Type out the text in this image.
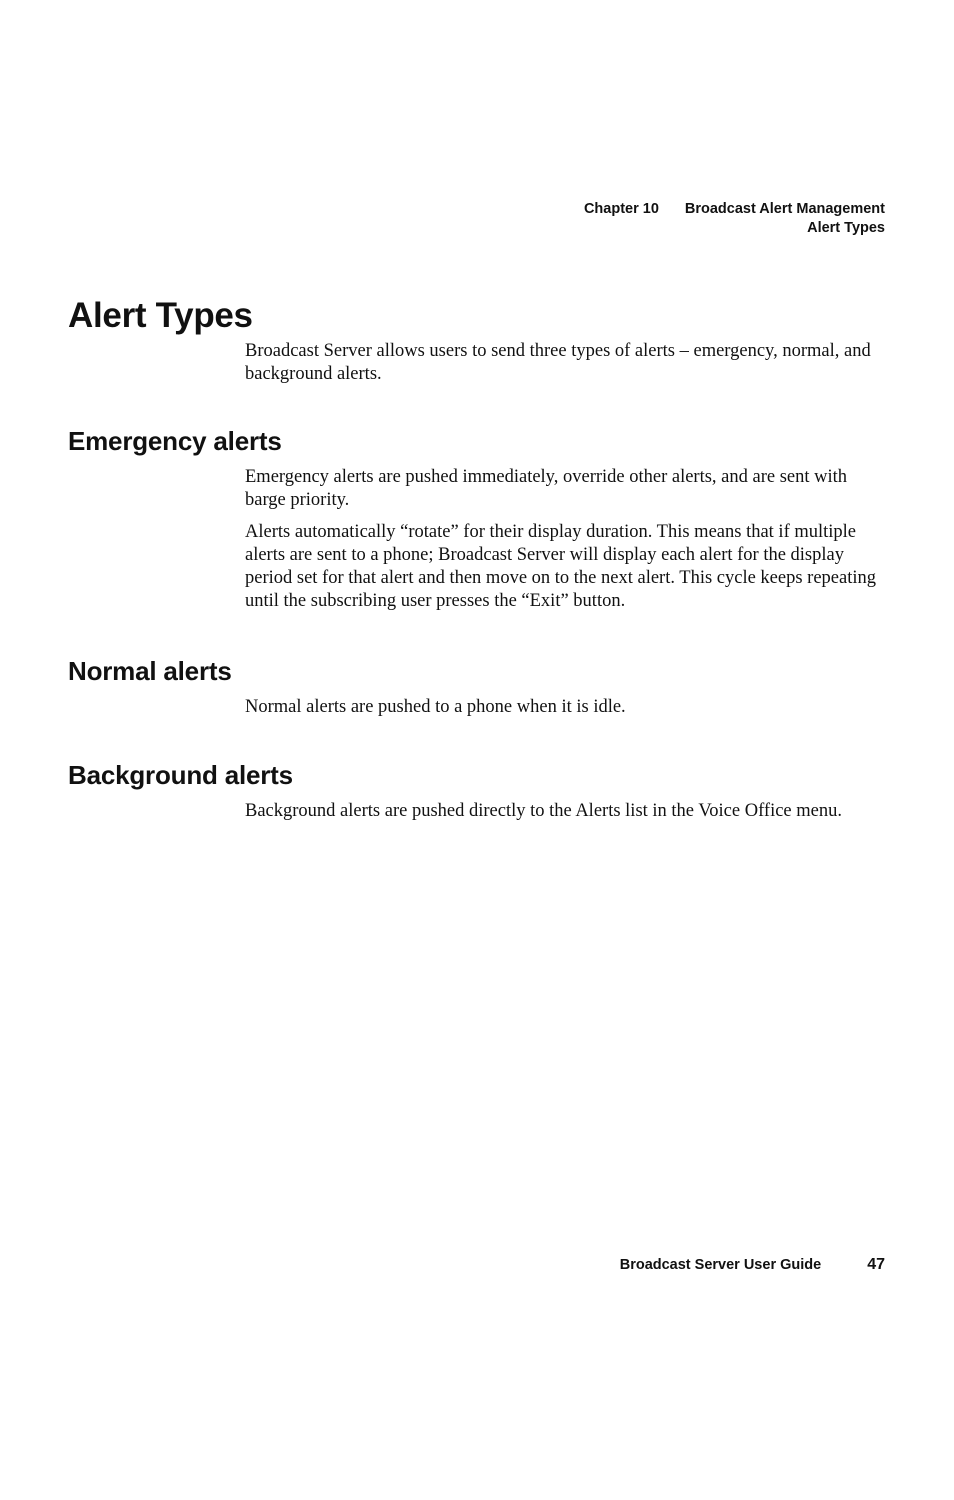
Chapter 10 Broadcast Alert Management
Alert Types
Alert Types

Broadcast Server allows users to send three types of alerts – emergency, normal, and background alerts.

Emergency alerts

Emergency alerts are pushed immediately, override other alerts, and are sent with barge priority.

Alerts automatically “rotate” for their display duration. This means that if multiple alerts are sent to a phone; Broadcast Server will display each alert for the display period set for that alert and then move on to the next alert. This cycle keeps repeating until the subscribing user presses the “Exit” button.

Normal alerts

Normal alerts are pushed to a phone when it is idle.

Background alerts

Background alerts are pushed directly to the Alerts list in the Voice Office menu.

Broadcast Server User Guide	47
